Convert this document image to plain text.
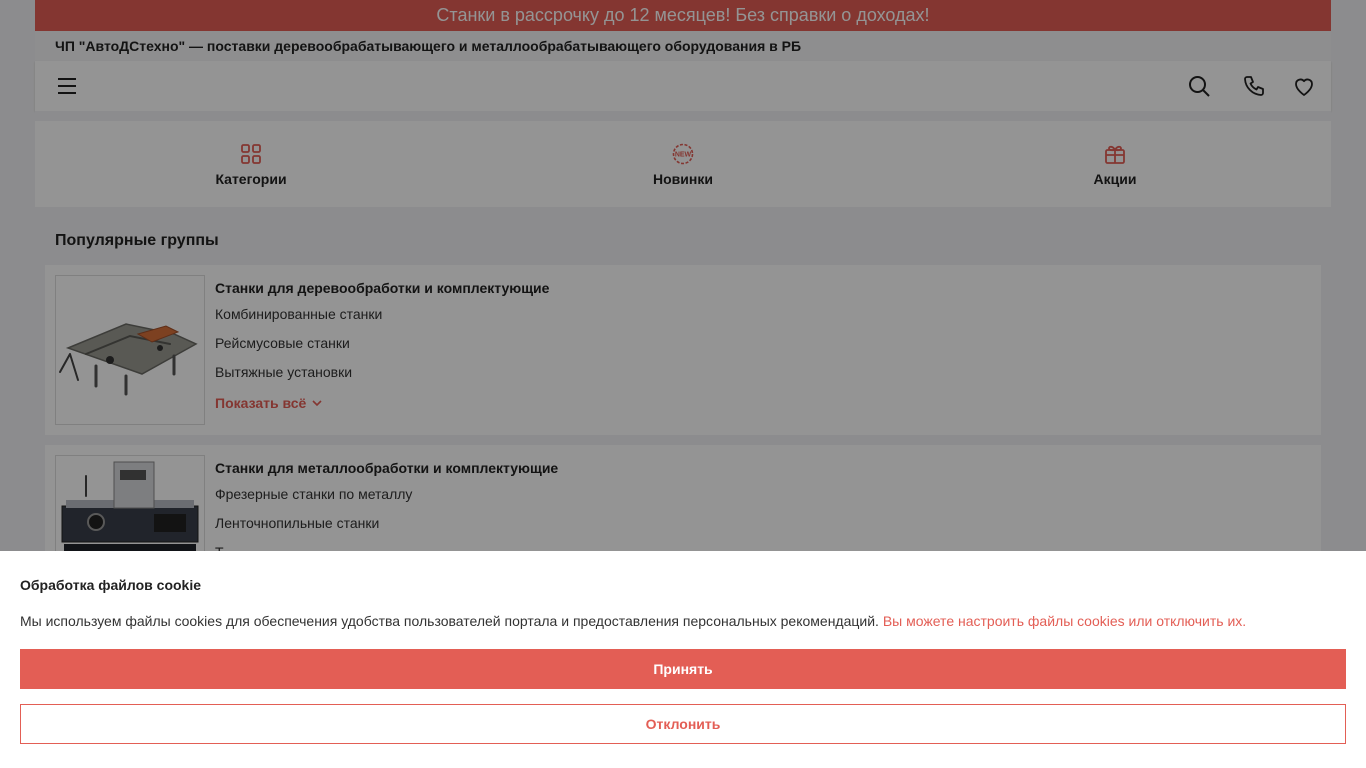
Станки в рассрочку до 12 месяцев! Без справки о доходах!
ЧП "АвтоДСтехно" — поставки деревообрабатывающего и металлообрабатывающего оборудования в РБ
Категории
NEW
Новинки	Акции
Популярные группы
Станки для деревообработки и комплектующие
Комбинированные станки
Рейсмусовые станки
Вытяжные установки
Показать всё
Станки для металлообработки и комплектующие
Фрезерные станки по металлу
Ленточнопильные станки
Обработка файлов cookie
Мы используем файлы cookies для обеспечения удобства пользователей портала и предоставления персональных рекомендаций. Вы можете настроить файлы cookies или отключить их.
Принять
Отклонить
